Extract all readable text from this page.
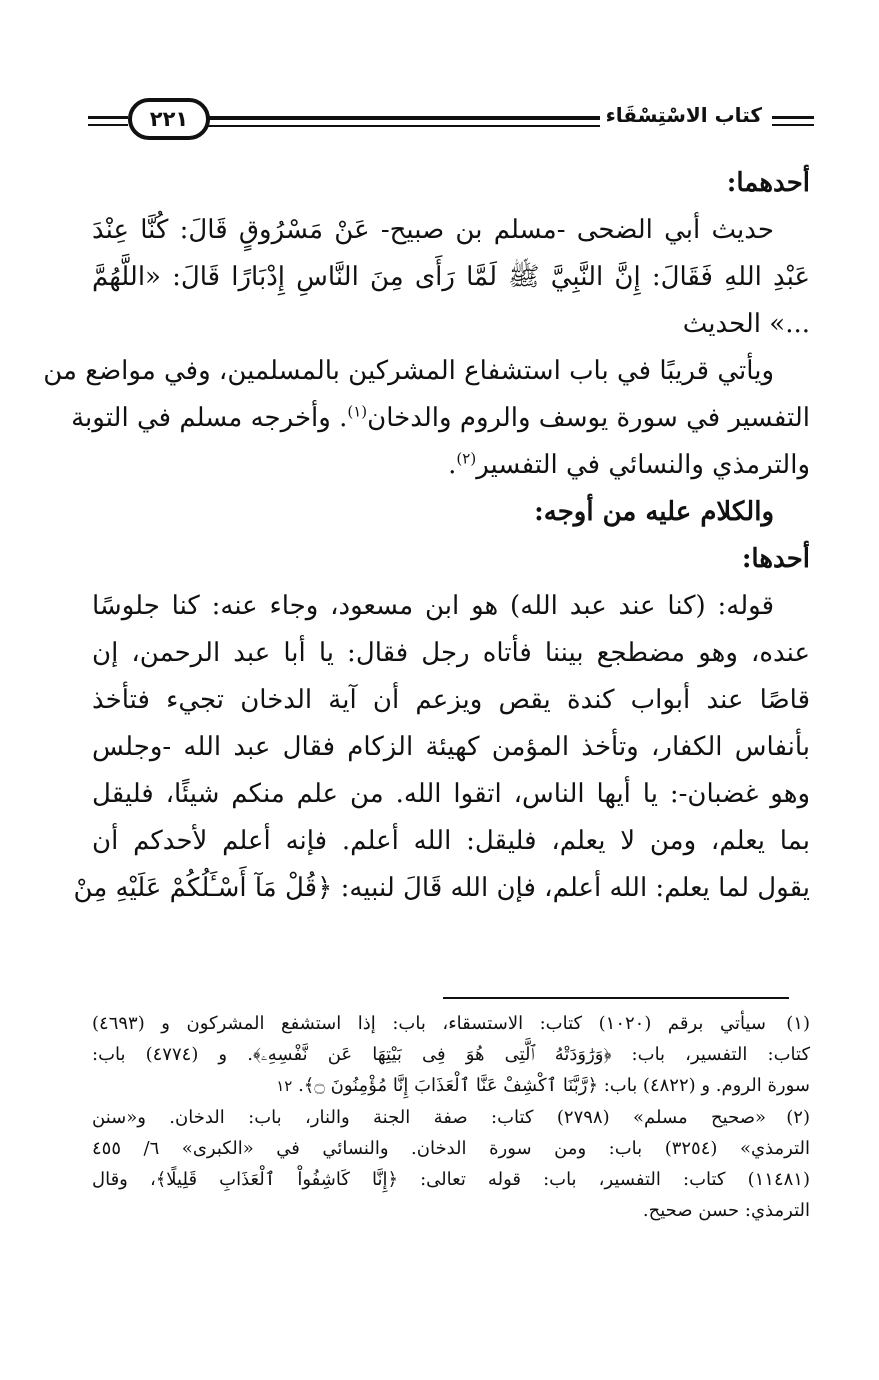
٢٢١	كتاب الاسْتِسْقَاء
أحدهما:
حديث أبي الضحى -مسلم بن صبيح- عَنْ مَسْرُوقٍ قَالَ: كُنَّا عِنْدَ
عَبْدِ اللهِ فَقَالَ: إِنَّ النَّبِيَّ ﷺ لَمَّا رَأَى مِنَ النَّاسِ إِدْبَارًا قَالَ: «اللَّهُمَّ
...» الحديث
ويأتي قريبًا في باب استشفاع المشركين بالمسلمين، وفي مواضع من
التفسير في سورة يوسف والروم والدخان$^{(١)}$. وأخرجه مسلم في التوبة
والترمذي والنسائي في التفسير$^{(٢)}$.
والكلام عليه من أوجه:
أحدها:
قوله: (كنا عند عبد الله) هو ابن مسعود، وجاء عنه: كنا جلوسًا
عنده، وهو مضطجع بيننا فأتاه رجل فقال: يا أبا عبد الرحمن، إن
قاصًا عند أبواب كندة يقص ويزعم أن آية الدخان تجيء فتأخذ
بأنفاس الكفار، وتأخذ المؤمن كهيئة الزكام فقال عبد الله -وجلس
وهو غضبان-: يا أيها الناس، اتقوا الله. من علم منكم شيئًا، فليقل
بما يعلم، ومن لا يعلم، فليقل: الله أعلم. فإنه أعلم لأحدكم أن
يقول لما يعلم: الله أعلم، فإن الله قَالَ لنبيه: ﴿قُلْ مَآ أَسْـَٔلُكُمْ عَلَيْهِ مِنْ
(١)
سيأتي برقم (١٠٢٠) كتاب: الاستسقاء، باب: إذا استشفع المشركون و (٤٦٩٣)
كتاب: التفسير، باب: ﴿وَرَٰوَدَتْهُ ٱلَّتِى هُوَ فِى بَيْتِهَا عَن نَّفْسِهِۦ﴾. و (٤٧٧٤) باب:
سورة الروم. و (٤٨٢٢) باب: ﴿رَّبَّنَا ٱكْشِفْ عَنَّا ٱلْعَذَابَ إِنَّا مُؤْمِنُونَ ۝﴾. ١٢
(٢)
«صحيح مسلم» (٢٧٩٨) كتاب: صفة الجنة والنار، باب: الدخان. و«سنن
الترمذي» (٣٢٥٤) باب: ومن سورة الدخان. والنسائي في «الكبرى» ٦/ ٤٥٥
(١١٤٨١) كتاب: التفسير، باب: قوله تعالى: ﴿إِنَّا كَاشِفُواْ ٱلْعَذَابِ قَلِيلًا﴾، وقال
الترمذي: حسن صحيح.
